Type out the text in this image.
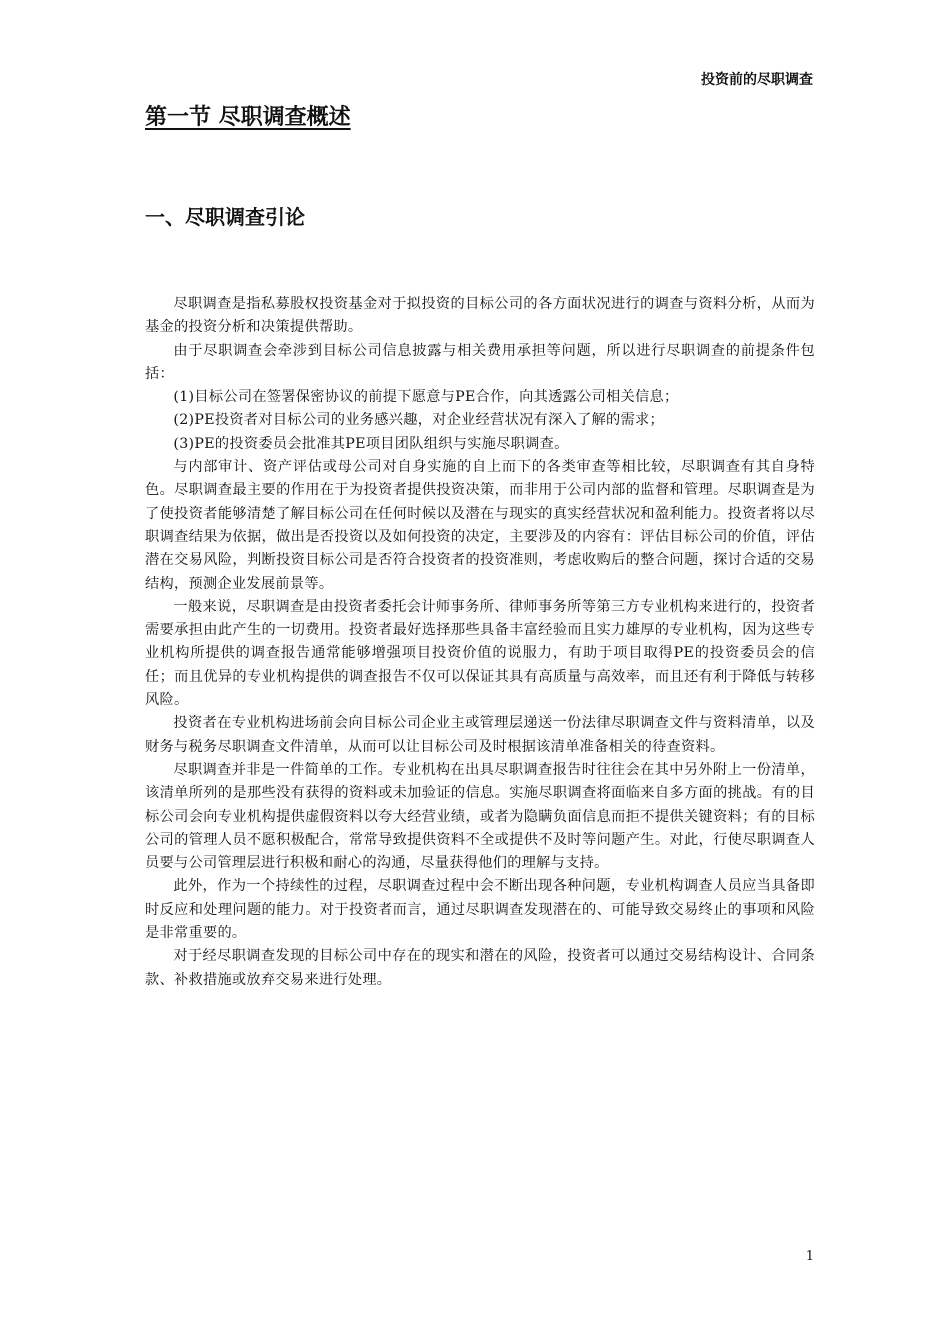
投资前的尽职调查
第一节 尽职调查概述
一、尽职调查引论

尽职调查是指私募股权投资基金对于拟投资的目标公司的各方面状况进行的调查与资料分析，从而为基金的投资分析和决策提供帮助。

由于尽职调查会牵涉到目标公司信息披露与相关费用承担等问题，所以进行尽职调查的前提条件包括：

(1)目标公司在签署保密协议的前提下愿意与PE合作，向其透露公司相关信息；

(2)PE投资者对目标公司的业务感兴趣，对企业经营状况有深入了解的需求；

(3)PE的投资委员会批准其PE项目团队组织与实施尽职调查。

与内部审计、资产评估或母公司对自身实施的自上而下的各类审查等相比较，尽职调查有其自身特色。尽职调查最主要的作用在于为投资者提供投资决策，而非用于公司内部的监督和管理。尽职调查是为了使投资者能够清楚了解目标公司在任何时候以及潜在与现实的真实经营状况和盈利能力。投资者将以尽职调查结果为依据，做出是否投资以及如何投资的决定，主要涉及的内容有：评估目标公司的价值，评估潜在交易风险，判断投资目标公司是否符合投资者的投资准则，考虑收购后的整合问题，探讨合适的交易结构，预测企业发展前景等。

一般来说，尽职调查是由投资者委托会计师事务所、律师事务所等第三方专业机构来进行的，投资者需要承担由此产生的一切费用。投资者最好选择那些具备丰富经验而且实力雄厚的专业机构，因为这些专业机构所提供的调查报告通常能够增强项目投资价值的说服力，有助于项目取得PE的投资委员会的信任；而且优异的专业机构提供的调查报告不仅可以保证其具有高质量与高效率，而且还有利于降低与转移风险。

投资者在专业机构进场前会向目标公司企业主或管理层递送一份法律尽职调查文件与资料清单，以及财务与税务尽职调查文件清单，从而可以让目标公司及时根据该清单准备相关的待查资料。

尽职调查并非是一件简单的工作。专业机构在出具尽职调查报告时往往会在其中另外附上一份清单，该清单所列的是那些没有获得的资料或未加验证的信息。实施尽职调查将面临来自多方面的挑战。有的目标公司会向专业机构提供虚假资料以夸大经营业绩，或者为隐瞒负面信息而拒不提供关键资料；有的目标公司的管理人员不愿积极配合，常常导致提供资料不全或提供不及时等问题产生。对此，行使尽职调查人员要与公司管理层进行积极和耐心的沟通，尽量获得他们的理解与支持。

此外，作为一个持续性的过程，尽职调查过程中会不断出现各种问题，专业机构调查人员应当具备即时反应和处理问题的能力。对于投资者而言，通过尽职调查发现潜在的、可能导致交易终止的事项和风险是非常重要的。

对于经尽职调查发现的目标公司中存在的现实和潜在的风险，投资者可以通过交易结构设计、合同条款、补救措施或放弃交易来进行处理。

1
